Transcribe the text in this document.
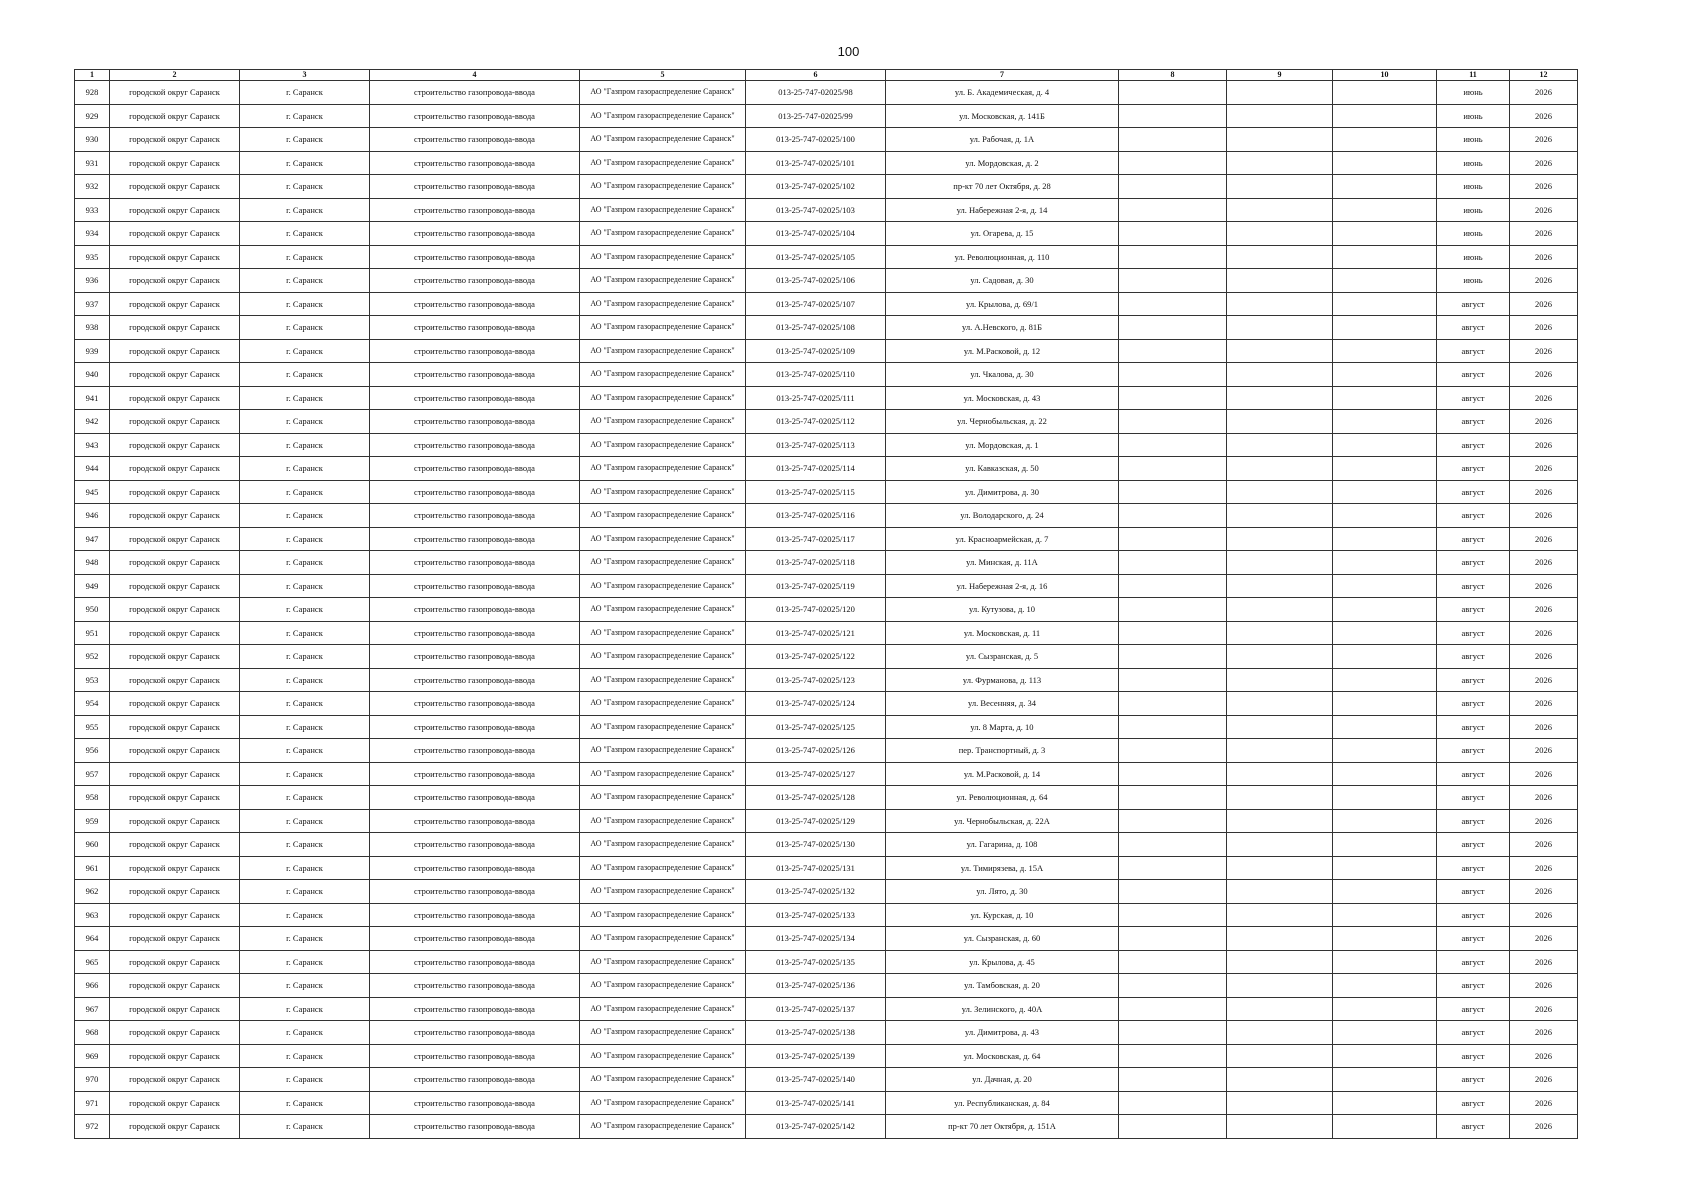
100
1	2	3	4	5	6	7	8	9	10	11	12
928	городской округ Саранск	г. Саранск	строительство газопровода-ввода	АО "Газпром газораспределение Саранск"	013-25-747-02025/98	ул. Б. Академическая, д. 4				июнь	2026
929	городской округ Саранск	г. Саранск	строительство газопровода-ввода	АО "Газпром газораспределение Саранск"	013-25-747-02025/99	ул. Московская, д. 141Б				июнь	2026
930	городской округ Саранск	г. Саранск	строительство газопровода-ввода	АО "Газпром газораспределение Саранск"	013-25-747-02025/100	ул. Рабочая, д. 1А				июнь	2026
931	городской округ Саранск	г. Саранск	строительство газопровода-ввода	АО "Газпром газораспределение Саранск"	013-25-747-02025/101	ул. Мордовская, д. 2				июнь	2026
932	городской округ Саранск	г. Саранск	строительство газопровода-ввода	АО "Газпром газораспределение Саранск"	013-25-747-02025/102	пр-кт 70 лет Октября, д. 28				июнь	2026
933	городской округ Саранск	г. Саранск	строительство газопровода-ввода	АО "Газпром газораспределение Саранск"	013-25-747-02025/103	ул. Набережная 2-я, д. 14				июнь	2026
934	городской округ Саранск	г. Саранск	строительство газопровода-ввода	АО "Газпром газораспределение Саранск"	013-25-747-02025/104	ул. Огарева, д. 15				июнь	2026
935	городской округ Саранск	г. Саранск	строительство газопровода-ввода	АО "Газпром газораспределение Саранск"	013-25-747-02025/105	ул. Революционная, д. 110				июнь	2026
936	городской округ Саранск	г. Саранск	строительство газопровода-ввода	АО "Газпром газораспределение Саранск"	013-25-747-02025/106	ул. Садовая, д. 30				июнь	2026
937	городской округ Саранск	г. Саранск	строительство газопровода-ввода	АО "Газпром газораспределение Саранск"	013-25-747-02025/107	ул. Крылова, д. 69/1				август	2026
938	городской округ Саранск	г. Саранск	строительство газопровода-ввода	АО "Газпром газораспределение Саранск"	013-25-747-02025/108	ул. А.Невского, д. 81Б				август	2026
939	городской округ Саранск	г. Саранск	строительство газопровода-ввода	АО "Газпром газораспределение Саранск"	013-25-747-02025/109	ул. М.Расковой, д. 12				август	2026
940	городской округ Саранск	г. Саранск	строительство газопровода-ввода	АО "Газпром газораспределение Саранск"	013-25-747-02025/110	ул. Чкалова, д. 30				август	2026
941	городской округ Саранск	г. Саранск	строительство газопровода-ввода	АО "Газпром газораспределение Саранск"	013-25-747-02025/111	ул. Московская, д. 43				август	2026
942	городской округ Саранск	г. Саранск	строительство газопровода-ввода	АО "Газпром газораспределение Саранск"	013-25-747-02025/112	ул. Чернобыльская, д. 22				август	2026
943	городской округ Саранск	г. Саранск	строительство газопровода-ввода	АО "Газпром газораспределение Саранск"	013-25-747-02025/113	ул. Мордовская, д. 1				август	2026
944	городской округ Саранск	г. Саранск	строительство газопровода-ввода	АО "Газпром газораспределение Саранск"	013-25-747-02025/114	ул. Кавказская, д. 50				август	2026
945	городской округ Саранск	г. Саранск	строительство газопровода-ввода	АО "Газпром газораспределение Саранск"	013-25-747-02025/115	ул. Димитрова, д. 30				август	2026
946	городской округ Саранск	г. Саранск	строительство газопровода-ввода	АО "Газпром газораспределение Саранск"	013-25-747-02025/116	ул. Володарского, д. 24				август	2026
947	городской округ Саранск	г. Саранск	строительство газопровода-ввода	АО "Газпром газораспределение Саранск"	013-25-747-02025/117	ул. Красноармейская, д. 7				август	2026
948	городской округ Саранск	г. Саранск	строительство газопровода-ввода	АО "Газпром газораспределение Саранск"	013-25-747-02025/118	ул. Минская, д. 11А				август	2026
949	городской округ Саранск	г. Саранск	строительство газопровода-ввода	АО "Газпром газораспределение Саранск"	013-25-747-02025/119	ул. Набережная 2-я, д. 16				август	2026
950	городской округ Саранск	г. Саранск	строительство газопровода-ввода	АО "Газпром газораспределение Саранск"	013-25-747-02025/120	ул. Кутузова, д. 10				август	2026
951	городской округ Саранск	г. Саранск	строительство газопровода-ввода	АО "Газпром газораспределение Саранск"	013-25-747-02025/121	ул. Московская, д. 11				август	2026
952	городской округ Саранск	г. Саранск	строительство газопровода-ввода	АО "Газпром газораспределение Саранск"	013-25-747-02025/122	ул. Сызранская, д. 5				август	2026
953	городской округ Саранск	г. Саранск	строительство газопровода-ввода	АО "Газпром газораспределение Саранск"	013-25-747-02025/123	ул. Фурманова, д. 113				август	2026
954	городской округ Саранск	г. Саранск	строительство газопровода-ввода	АО "Газпром газораспределение Саранск"	013-25-747-02025/124	ул. Весенняя, д. 34				август	2026
955	городской округ Саранск	г. Саранск	строительство газопровода-ввода	АО "Газпром газораспределение Саранск"	013-25-747-02025/125	ул. 8 Марта, д. 10				август	2026
956	городской округ Саранск	г. Саранск	строительство газопровода-ввода	АО "Газпром газораспределение Саранск"	013-25-747-02025/126	пер. Транспортный, д. 3				август	2026
957	городской округ Саранск	г. Саранск	строительство газопровода-ввода	АО "Газпром газораспределение Саранск"	013-25-747-02025/127	ул. М.Расковой, д. 14				август	2026
958	городской округ Саранск	г. Саранск	строительство газопровода-ввода	АО "Газпром газораспределение Саранск"	013-25-747-02025/128	ул. Революционная, д. 64				август	2026
959	городской округ Саранск	г. Саранск	строительство газопровода-ввода	АО "Газпром газораспределение Саранск"	013-25-747-02025/129	ул. Чернобыльская, д. 22А				август	2026
960	городской округ Саранск	г. Саранск	строительство газопровода-ввода	АО "Газпром газораспределение Саранск"	013-25-747-02025/130	ул. Гагарина, д. 108				август	2026
961	городской округ Саранск	г. Саранск	строительство газопровода-ввода	АО "Газпром газораспределение Саранск"	013-25-747-02025/131	ул. Тимирязева, д. 15А				август	2026
962	городской округ Саранск	г. Саранск	строительство газопровода-ввода	АО "Газпром газораспределение Саранск"	013-25-747-02025/132	ул. Лято, д. 30				август	2026
963	городской округ Саранск	г. Саранск	строительство газопровода-ввода	АО "Газпром газораспределение Саранск"	013-25-747-02025/133	ул. Курская, д. 10				август	2026
964	городской округ Саранск	г. Саранск	строительство газопровода-ввода	АО "Газпром газораспределение Саранск"	013-25-747-02025/134	ул. Сызранская, д. 60				август	2026
965	городской округ Саранск	г. Саранск	строительство газопровода-ввода	АО "Газпром газораспределение Саранск"	013-25-747-02025/135	ул. Крылова, д. 45				август	2026
966	городской округ Саранск	г. Саранск	строительство газопровода-ввода	АО "Газпром газораспределение Саранск"	013-25-747-02025/136	ул. Тамбовская, д. 20				август	2026
967	городской округ Саранск	г. Саранск	строительство газопровода-ввода	АО "Газпром газораспределение Саранск"	013-25-747-02025/137	ул. Зелинского, д. 40А				август	2026
968	городской округ Саранск	г. Саранск	строительство газопровода-ввода	АО "Газпром газораспределение Саранск"	013-25-747-02025/138	ул. Димитрова, д. 43				август	2026
969	городской округ Саранск	г. Саранск	строительство газопровода-ввода	АО "Газпром газораспределение Саранск"	013-25-747-02025/139	ул. Московская, д. 64				август	2026
970	городской округ Саранск	г. Саранск	строительство газопровода-ввода	АО "Газпром газораспределение Саранск"	013-25-747-02025/140	ул. Дачная, д. 20				август	2026
971	городской округ Саранск	г. Саранск	строительство газопровода-ввода	АО "Газпром газораспределение Саранск"	013-25-747-02025/141	ул. Республиканская, д. 84				август	2026
972	городской округ Саранск	г. Саранск	строительство газопровода-ввода	АО "Газпром газораспределение Саранск"	013-25-747-02025/142	пр-кт 70 лет Октября, д. 151А				август	2026
